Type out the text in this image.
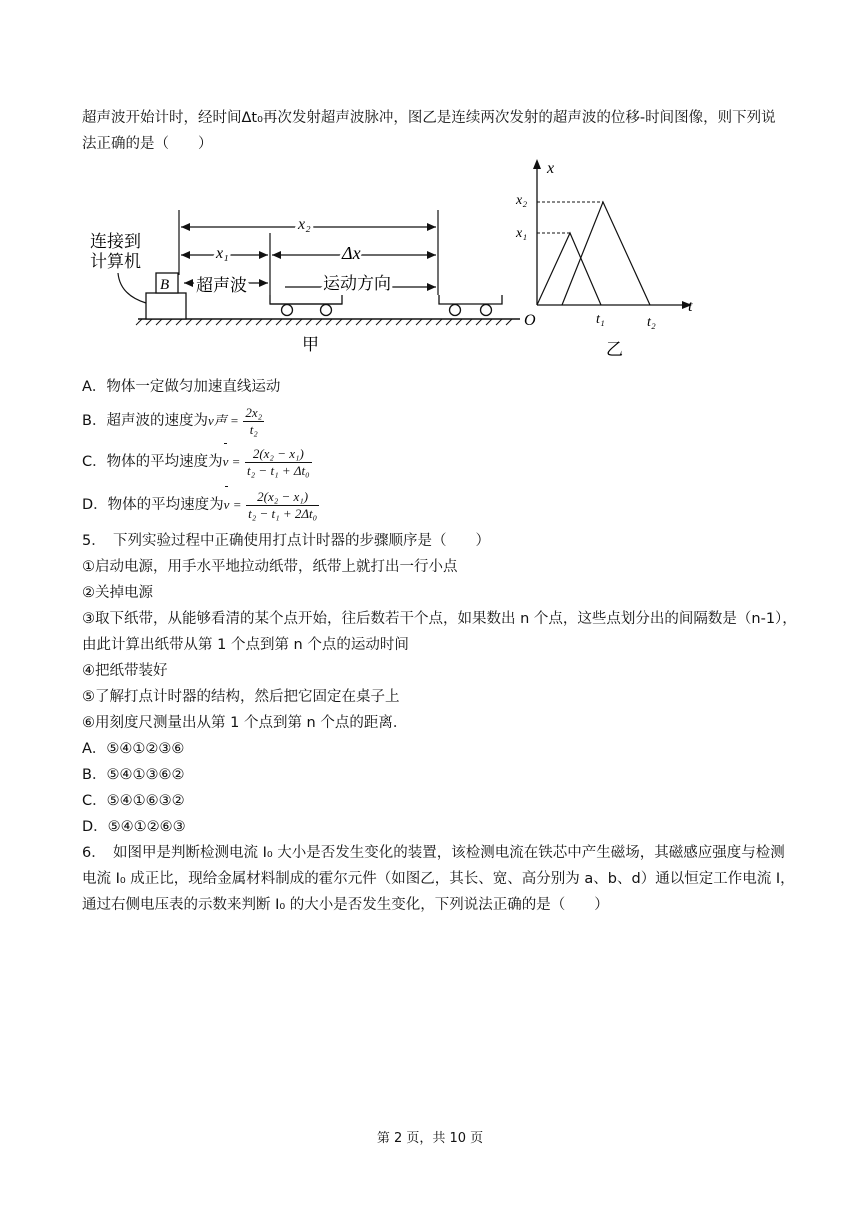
超声波开始计时，经时间Δt₀再次发射超声波脉冲，图乙是连续两次发射的超声波的位移-时间图像，则下列说
法正确的是（　　）
B
连接到
计算机
x₂
x₁	Δx
超声波	运动方向
甲
x
t
O
x₁
x₂
t₁	t₂
乙
A．物体一定做匀加速直线运动
B．超声波的速度为v声 = $\frac{\text{2x₂}}{\text{t₂}}$
C．物体的平均速度为$v = \frac{\text{2(x₂ − x₁)}}{\text{t₂ − t₁ + Δt₀}}$
D．物体的平均速度为$v = \frac{\text{2(x₂ − x₁)}}{\text{t₂ − t₁ + 2Δt₀}}$
5．　下列实验过程中正确使用打点计时器的步骤顺序是（　　）
①启动电源，用手水平地拉动纸带，纸带上就打出一行小点
②关掉电源
③取下纸带，从能够看清的某个点开始，往后数若干个点，如果数出 n 个点，这些点划分出的间隔数是（n-1），
由此计算出纸带从第 1 个点到第 n 个点的运动时间
④把纸带装好
⑤了解打点计时器的结构，然后把它固定在桌子上
⑥用刻度尺测量出从第 1 个点到第 n 个点的距离．
A．⑤④①②③⑥
B．⑤④①③⑥②
C．⑤④①⑥③②
D．⑤④①②⑥③
6．　如图甲是判断检测电流 I₀ 大小是否发生变化的装置，该检测电流在铁芯中产生磁场，其磁感应强度与检测
电流 I₀ 成正比，现给金属材料制成的霍尔元件（如图乙，其长、宽、高分别为 a、b、d）通以恒定工作电流 I，
通过右侧电压表的示数来判断 I₀ 的大小是否发生变化，下列说法正确的是（　　）
第 2 页，共 10 页
